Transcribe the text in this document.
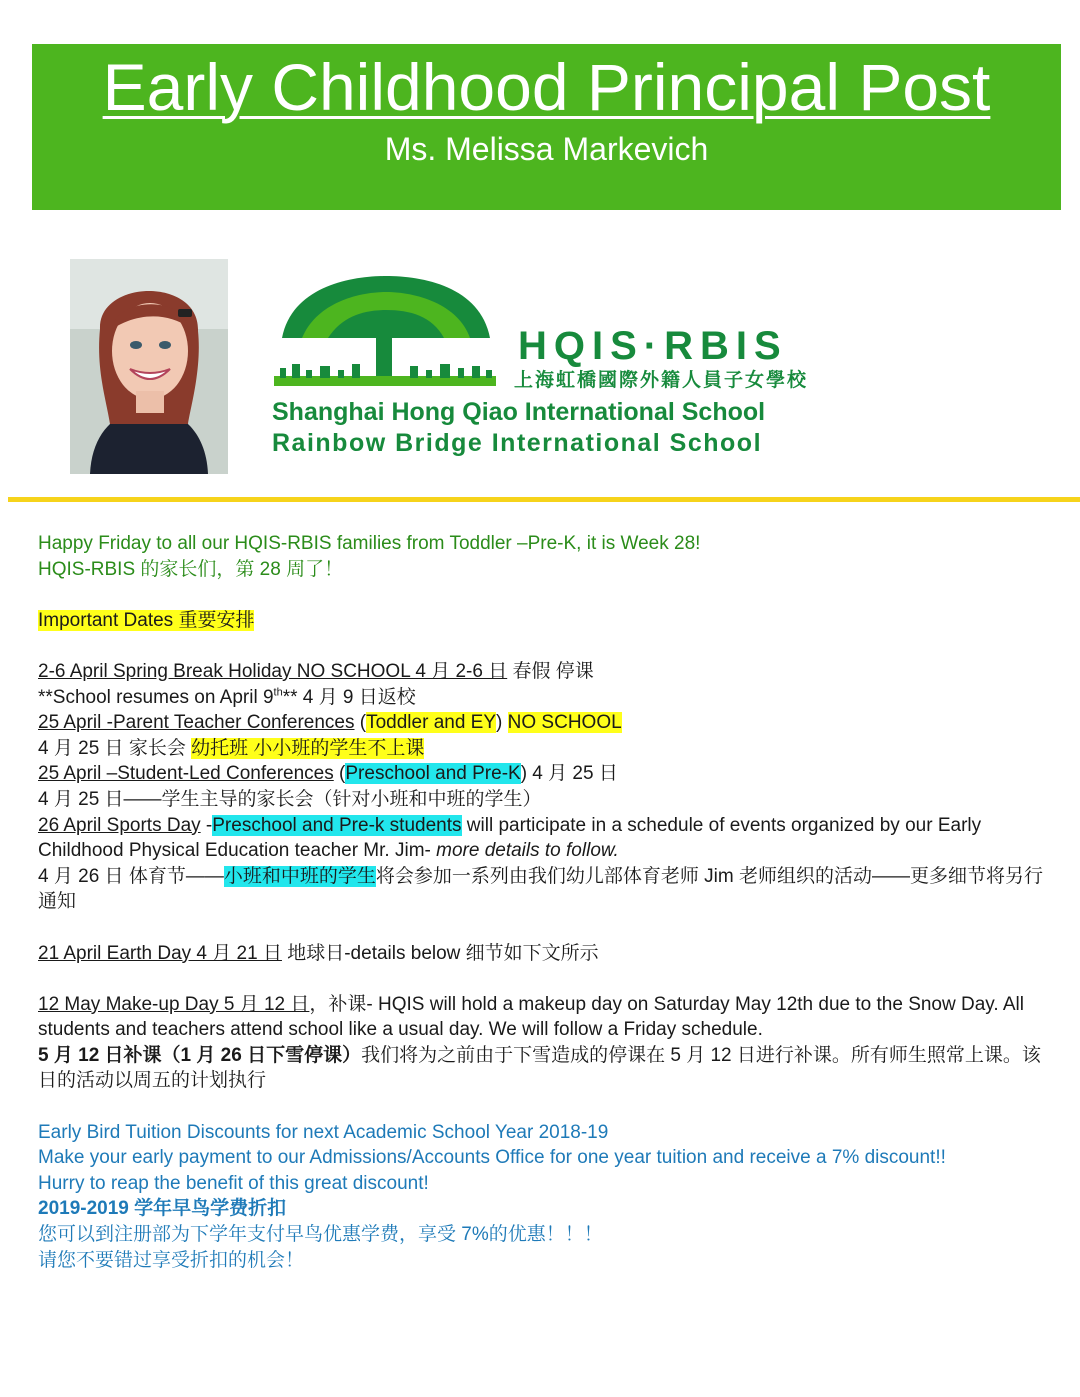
Early Childhood Principal Post
Ms. Melissa Markevich
HQIS·RBIS
上海虹橋國際外籍人員子女學校
Shanghai Hong Qiao International School
Rainbow Bridge International School

Happy Friday to all our HQIS-RBIS families from Toddler –Pre-K, it is Week 28!

HQIS-RBIS 的家长们，第 28 周了！

Important Dates 重要安排

2-6 April Spring Break Holiday NO SCHOOL 4 月 2-6 日 春假 停课

**School resumes on April 9th** 4 月 9 日返校

25 April -Parent Teacher Conferences (Toddler and EY) NO SCHOOL

4 月 25 日 家长会 幼托班 小小班的学生不上课

25 April –Student-Led Conferences (Preschool and Pre-K) 4 月 25 日

4 月 25 日——学生主导的家长会（针对小班和中班的学生）

26 April Sports Day -Preschool and Pre-k students will participate in a schedule of events organized by our Early Childhood Physical Education teacher Mr. Jim- more details to follow.

4 月 26 日 体育节——小班和中班的学生将会参加一系列由我们幼儿部体育老师 Jim 老师组织的活动——更多细节将另行通知

21 April Earth Day 4 月 21 日 地球日-details below 细节如下文所示

12 May Make-up Day 5 月 12 日，补课- HQIS will hold a makeup day on Saturday May 12th due to the Snow Day. All students and teachers attend school like a usual day. We will follow a Friday schedule.

5 月 12 日补课（1 月 26 日下雪停课）我们将为之前由于下雪造成的停课在 5 月 12 日进行补课。所有师生照常上课。该日的活动以周五的计划执行

Early Bird Tuition Discounts for next Academic School Year 2018-19

Make your early payment to our Admissions/Accounts Office for one year tuition and receive a 7% discount!!

Hurry to reap the benefit of this great discount!

2019-2019 学年早鸟学费折扣

您可以到注册部为下学年支付早鸟优惠学费，享受 7%的优惠！！！

请您不要错过享受折扣的机会！
